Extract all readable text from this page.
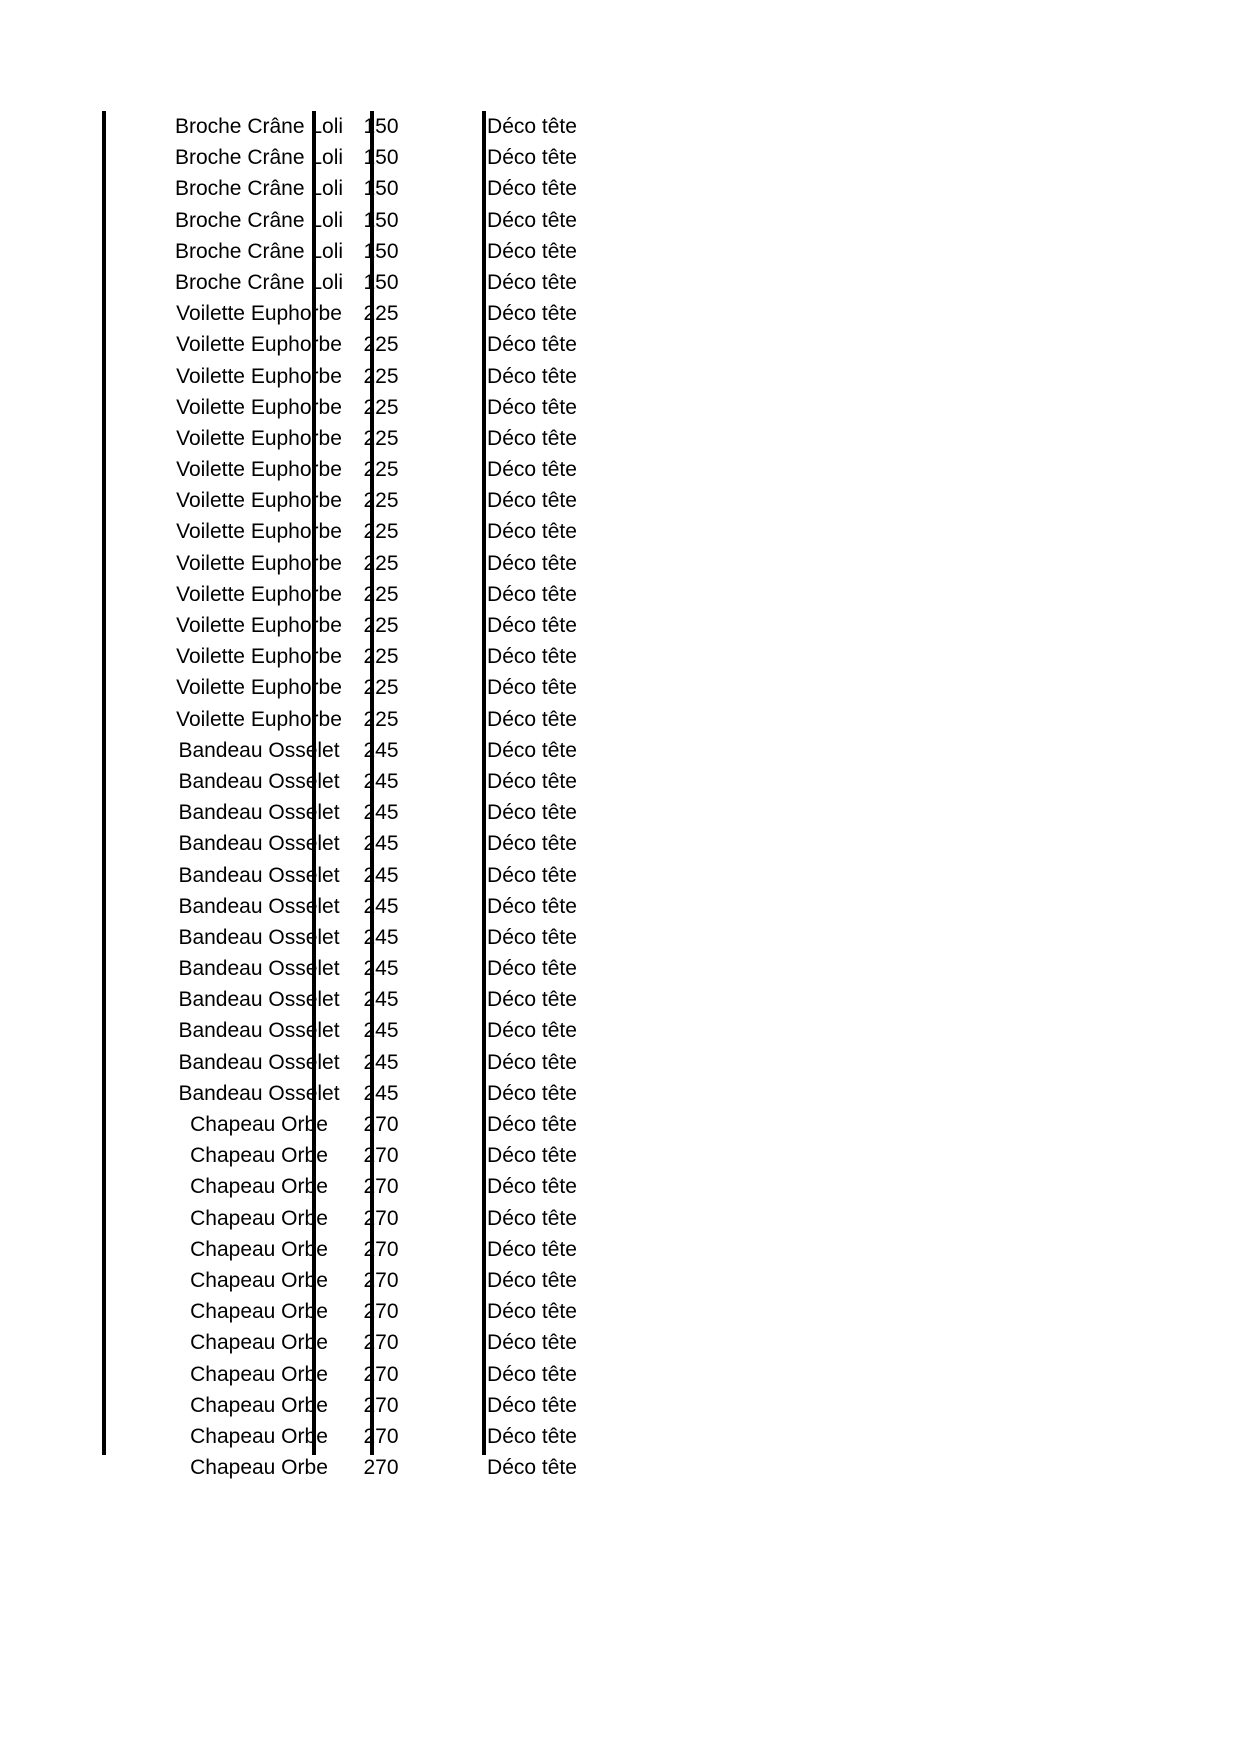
Broche Crâne Loli 150	Déco tête
Broche Crâne Loli 150	Déco tête
Broche Crâne Loli 150	Déco tête
Broche Crâne Loli 150	Déco tête
Broche Crâne Loli 150	Déco tête
Broche Crâne Loli 150	Déco tête
Voilette Euphorbe	225	Déco tête
Voilette Euphorbe	225	Déco tête
Voilette Euphorbe	225	Déco tête
Voilette Euphorbe	225	Déco tête
Voilette Euphorbe	225	Déco tête
Voilette Euphorbe	225	Déco tête
Voilette Euphorbe	225	Déco tête
Voilette Euphorbe	225	Déco tête
Voilette Euphorbe	225	Déco tête
Voilette Euphorbe	225	Déco tête
Voilette Euphorbe	225	Déco tête
Voilette Euphorbe	225	Déco tête
Voilette Euphorbe	225	Déco tête
Voilette Euphorbe	225	Déco tête
Bandeau Osselet	245	Déco tête
Bandeau Osselet	245	Déco tête
Bandeau Osselet	245	Déco tête
Bandeau Osselet	245	Déco tête
Bandeau Osselet	245	Déco tête
Bandeau Osselet	245	Déco tête
Bandeau Osselet	245	Déco tête
Bandeau Osselet	245	Déco tête
Bandeau Osselet	245	Déco tête
Bandeau Osselet	245	Déco tête
Bandeau Osselet	245	Déco tête
Bandeau Osselet	245	Déco tête
Chapeau Orbe	270	Déco tête
Chapeau Orbe	270	Déco tête
Chapeau Orbe	270	Déco tête
Chapeau Orbe	270	Déco tête
Chapeau Orbe	270	Déco tête
Chapeau Orbe	270	Déco tête
Chapeau Orbe	270	Déco tête
Chapeau Orbe	270	Déco tête
Chapeau Orbe	270	Déco tête
Chapeau Orbe	270	Déco tête
Chapeau Orbe	270	Déco tête
Chapeau Orbe	270	Déco tête
